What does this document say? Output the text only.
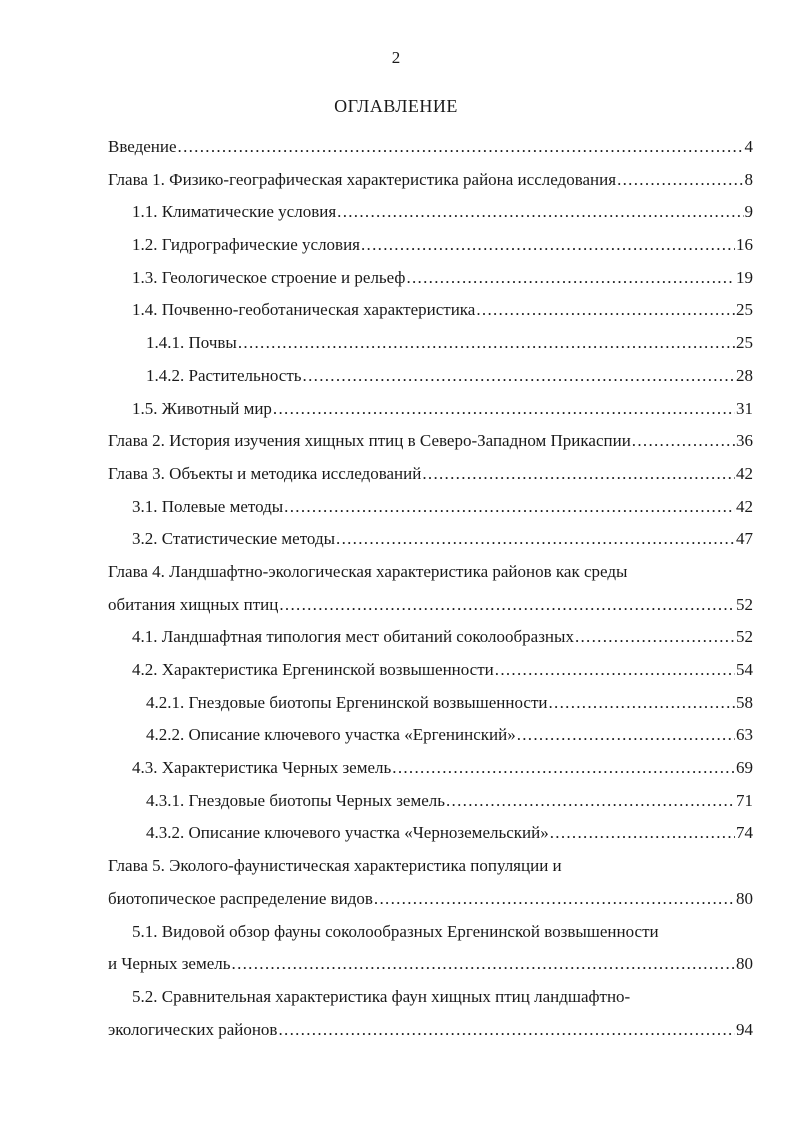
2
ОГЛАВЛЕНИЕ
Введение .....	4
Глава 1. Физико-географическая характеристика района исследования .....	8
1.1. Климатические условия .....	9
1.2. Гидрографические условия .....	16
1.3. Геологическое строение и рельеф .....	19
1.4. Почвенно-геоботаническая характеристика .....	25
1.4.1. Почвы .....	25
1.4.2. Растительность .....	28
1.5. Животный мир .....	31
Глава 2. История изучения хищных птиц в Северо-Западном Прикаспии .....	36
Глава 3. Объекты и методика исследований .....	42
3.1. Полевые методы .....	42
3.2. Статистические методы .....	47
Глава 4. Ландшафтно-экологическая характеристика районов как среды
обитания хищных птиц .....	52
4.1. Ландшафтная типология мест обитаний соколообразных .....	52
4.2. Характеристика Ергенинской возвышенности .....	54
4.2.1. Гнездовые биотопы Ергенинской возвышенности .....	58
4.2.2. Описание ключевого участка «Ергенинский» .....	63
4.3. Характеристика Черных земель .....	69
4.3.1. Гнездовые биотопы Черных земель .....	71
4.3.2. Описание ключевого участка «Черноземельский» .....	74
Глава 5. Эколого-фаунистическая характеристика популяции и
биотопическое распределение видов .....	80
5.1. Видовой обзор фауны соколообразных Ергенинской возвышенности
и Черных земель .....	80
5.2. Сравнительная характеристика фаун хищных птиц ландшафтно-
экологических районов .....	94
